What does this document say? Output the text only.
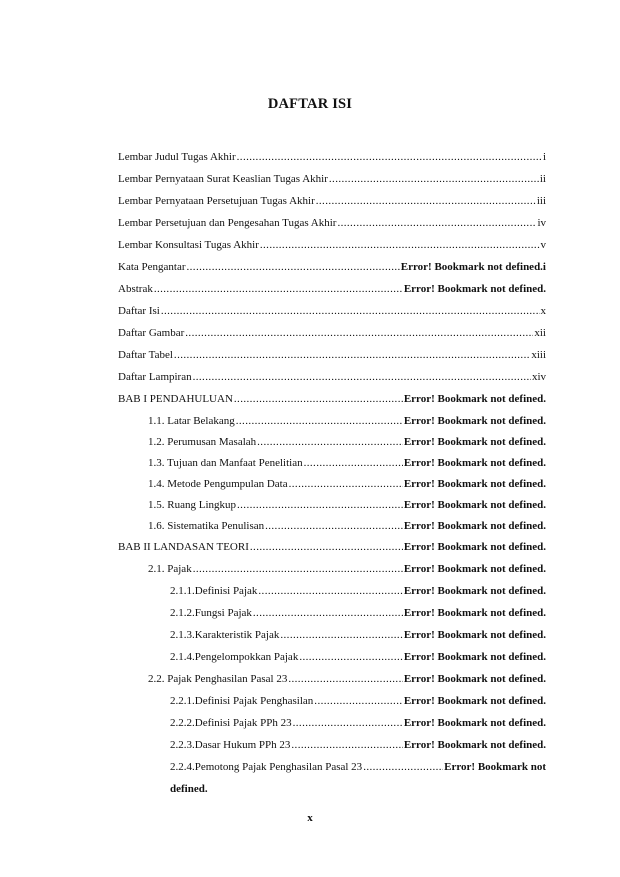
DAFTAR ISI
Lembar Judul Tugas Akhir .....	i
Lembar Pernyataan Surat Keaslian Tugas Akhir .....	ii
Lembar Pernyataan Persetujuan Tugas Akhir .....	iii
Lembar Persetujuan dan Pengesahan Tugas Akhir .....	iv
Lembar Konsultasi Tugas Akhir .....	v
Kata Pengantar .....	Error! Bookmark not defined.i
Abstrak .....	Error! Bookmark not defined.
Daftar Isi .....	x
Daftar Gambar .....	xii
Daftar Tabel .....	xiii
Daftar Lampiran .....	xiv
BAB I PENDAHULUAN .....	Error! Bookmark not defined.
1.1. Latar Belakang .....	Error! Bookmark not defined.
1.2. Perumusan Masalah .....	Error! Bookmark not defined.
1.3. Tujuan dan Manfaat Penelitian .....	Error! Bookmark not defined.
1.4. Metode Pengumpulan Data .....	Error! Bookmark not defined.
1.5. Ruang Lingkup .....	Error! Bookmark not defined.
1.6. Sistematika Penulisan .....	Error! Bookmark not defined.
BAB II LANDASAN TEORI .....	Error! Bookmark not defined.
2.1. Pajak .....	Error! Bookmark not defined.
2.1.1.Definisi Pajak .....	Error! Bookmark not defined.
2.1.2.Fungsi Pajak .....	Error! Bookmark not defined.
2.1.3.Karakteristik Pajak .....	Error! Bookmark not defined.
2.1.4.Pengelompokkan Pajak .....	Error! Bookmark not defined.
2.2. Pajak Penghasilan Pasal 23 .....	Error! Bookmark not defined.
2.2.1.Definisi Pajak Penghasilan .....	Error! Bookmark not defined.
2.2.2.Definisi Pajak PPh 23 .....	Error! Bookmark not defined.
2.2.3.Dasar Hukum PPh 23 .....	Error! Bookmark not defined.
2.2.4.Pemotong Pajak Penghasilan Pasal 23 .....	Error! Bookmark not
defined.
x
